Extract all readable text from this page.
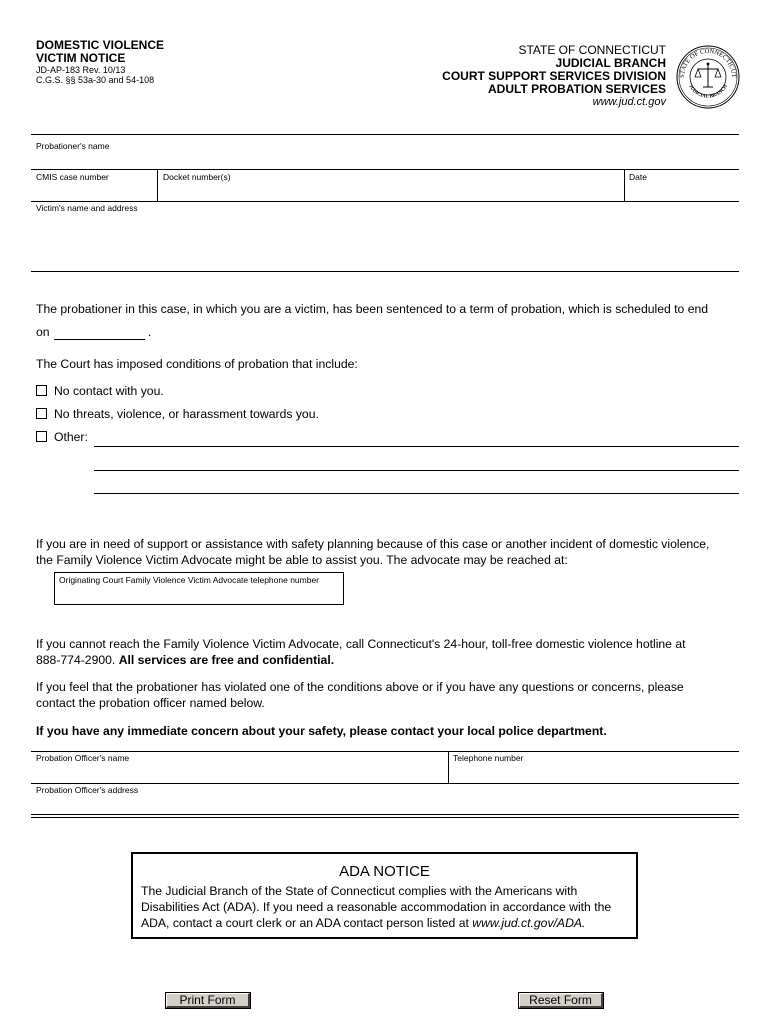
DOMESTIC VIOLENCE
VICTIM NOTICE
JD-AP-183 Rev. 10/13
C.G.S. §§ 53a-30 and 54-108
STATE OF CONNECTICUT
JUDICIAL BRANCH
COURT SUPPORT SERVICES DIVISION
ADULT PROBATION SERVICES
www.jud.ct.gov
STATE OF CONNECTICUT
JUDICIAL BRANCH
Probationer's name
CMIS case number	Docket number(s)	Date
Victim's name and address
The probationer in this case, in which you are a victim, has been sentenced to a term of probation, which is scheduled to end
on	.
The Court has imposed conditions of probation that include:
No contact with you.
No threats, violence, or harassment towards you.
Other:
If you are in need of support or assistance with safety planning because of this case or another incident of domestic violence,
the Family Violence Victim Advocate might be able to assist you. The advocate may be reached at:
Originating Court Family Violence Victim Advocate telephone number
If you cannot reach the Family Violence Victim Advocate, call Connecticut's 24-hour, toll-free domestic violence hotline at
888-774-2900. All services are free and confidential.
If you feel that the probationer has violated one of the conditions above or if you have any questions or concerns, please
contact the probation officer named below.
If you have any immediate concern about your safety, please contact your local police department.
Probation Officer's name	Telephone number
Probation Officer's address
ADA NOTICE
The Judicial Branch of the State of Connecticut complies with the Americans with
Disabilities Act (ADA). If you need a reasonable accommodation in accordance with the
ADA, contact a court clerk or an ADA contact person listed at www.jud.ct.gov/ADA.
Print Form	Reset Form
